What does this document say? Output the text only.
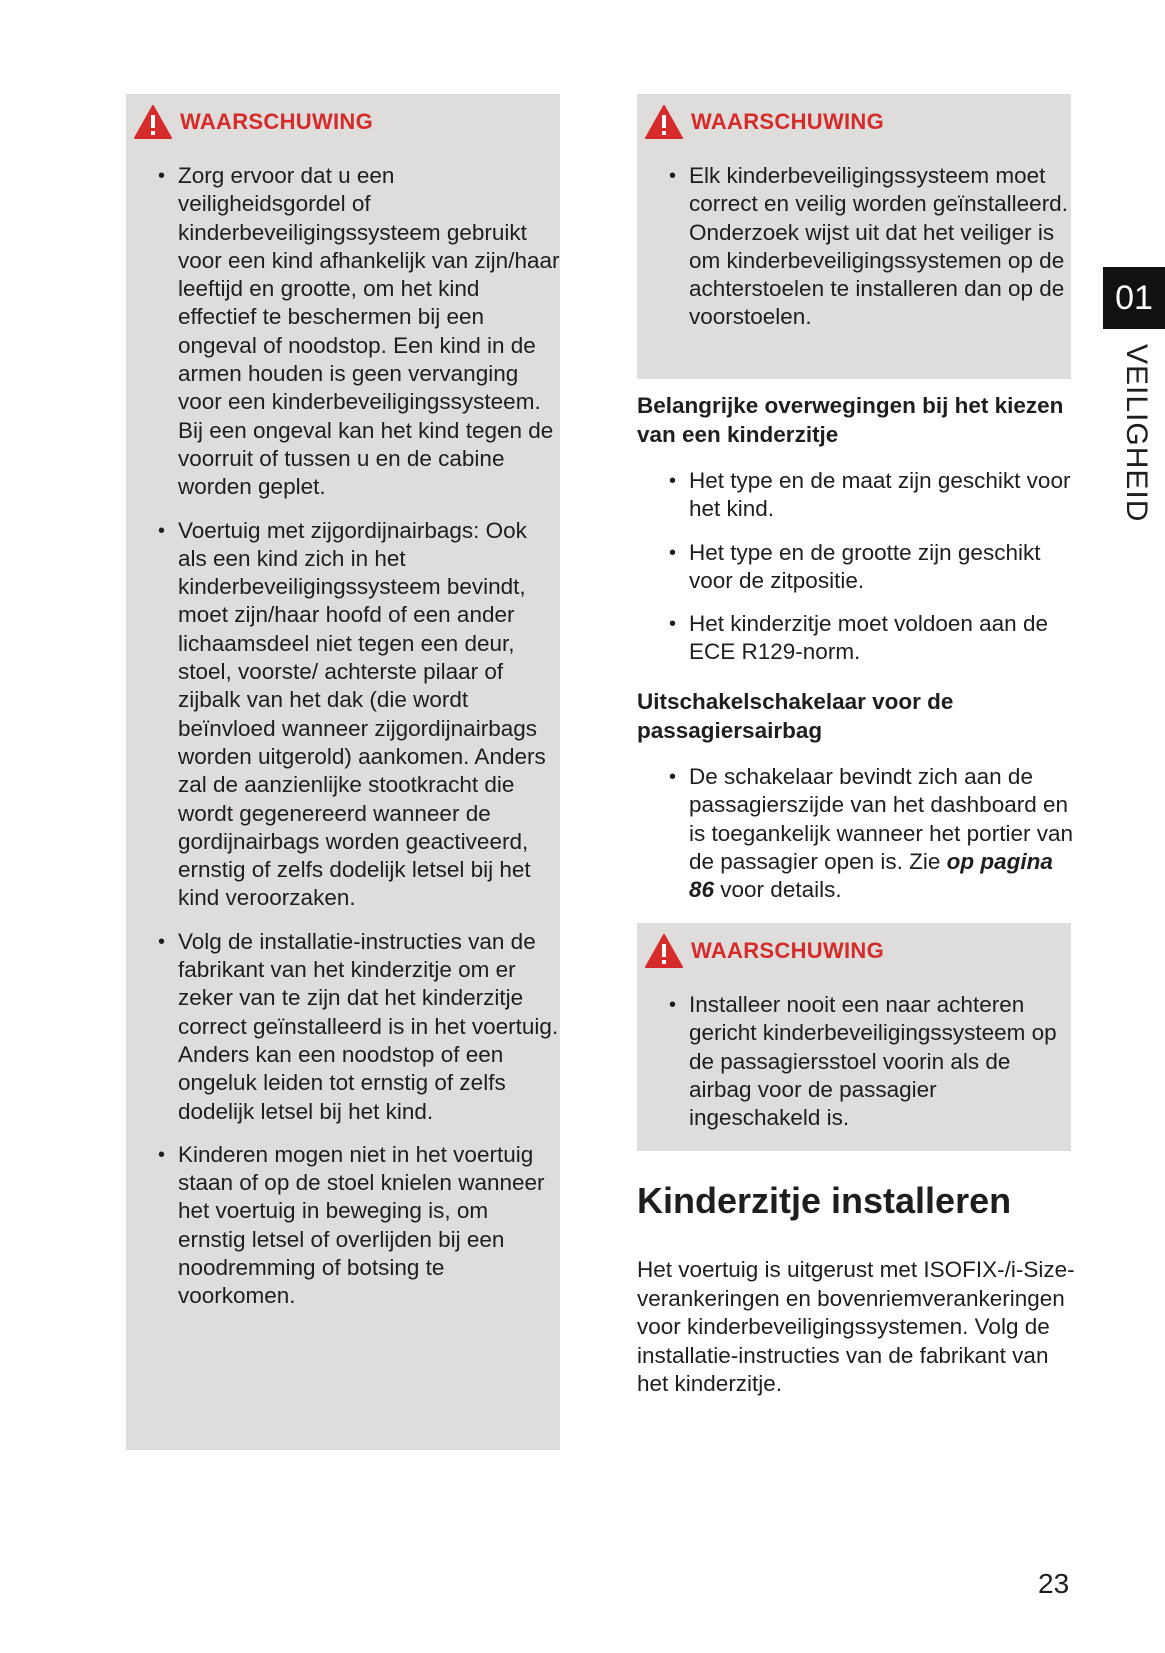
WAARSCHUWING
• Zorg ervoor dat u een veiligheidsgordel of kinderbeveiligingssysteem gebruikt voor een kind afhankelijk van zijn/haar leeftijd en grootte, om het kind effectief te beschermen bij een ongeval of noodstop. Een kind in de armen houden is geen vervanging voor een kinderbeveiligingssysteem. Bij een ongeval kan het kind tegen de voorruit of tussen u en de cabine worden geplet.
• Voertuig met zijgordijnairbags: Ook als een kind zich in het kinderbeveiligingssysteem bevindt, moet zijn/haar hoofd of een ander lichaamsdeel niet tegen een deur, stoel, voorste/ achterste pilaar of zijbalk van het dak (die wordt beïnvloed wanneer zijgordijnairbags worden uitgerold) aankomen. Anders zal de aanzienlijke stootkracht die wordt gegenereerd wanneer de gordijnairbags worden geactiveerd, ernstig of zelfs dodelijk letsel bij het kind veroorzaken.
• Volg de installatie-instructies van de fabrikant van het kinderzitje om er zeker van te zijn dat het kinderzitje correct geïnstalleerd is in het voertuig. Anders kan een noodstop of een ongeluk leiden tot ernstig of zelfs dodelijk letsel bij het kind.
• Kinderen mogen niet in het voertuig staan of op de stoel knielen wanneer het voertuig in beweging is, om ernstig letsel of overlijden bij een noodremming of botsing te voorkomen.
WAARSCHUWING
• Elk kinderbeveiligingssysteem moet correct en veilig worden geïnstalleerd. Onderzoek wijst uit dat het veiliger is om kinderbeveiligingssystemen op de achterstoelen te installeren dan op de voorstoelen.
Belangrijke overwegingen bij het kiezen van een kinderzitje
• Het type en de maat zijn geschikt voor het kind.
• Het type en de grootte zijn geschikt voor de zitpositie.
• Het kinderzitje moet voldoen aan de ECE R129-norm.
Uitschakelschakelaar voor de passagiersairbag
• De schakelaar bevindt zich aan de passagierszijde van het dashboard en is toegankelijk wanneer het portier van de passagier open is. Zie op pagina 86 voor details.
WAARSCHUWING
• Installeer nooit een naar achteren gericht kinderbeveiligingssysteem op de passagiersstoel voorin als de airbag voor de passagier ingeschakeld is.
Kinderzitje installeren
Het voertuig is uitgerust met ISOFIX-/i-Size-verankeringen en bovenriemverankeringen voor kinderbeveiligingssystemen. Volg de installatie-instructies van de fabrikant van het kinderzitje.
01
VEILIGHEID
23
